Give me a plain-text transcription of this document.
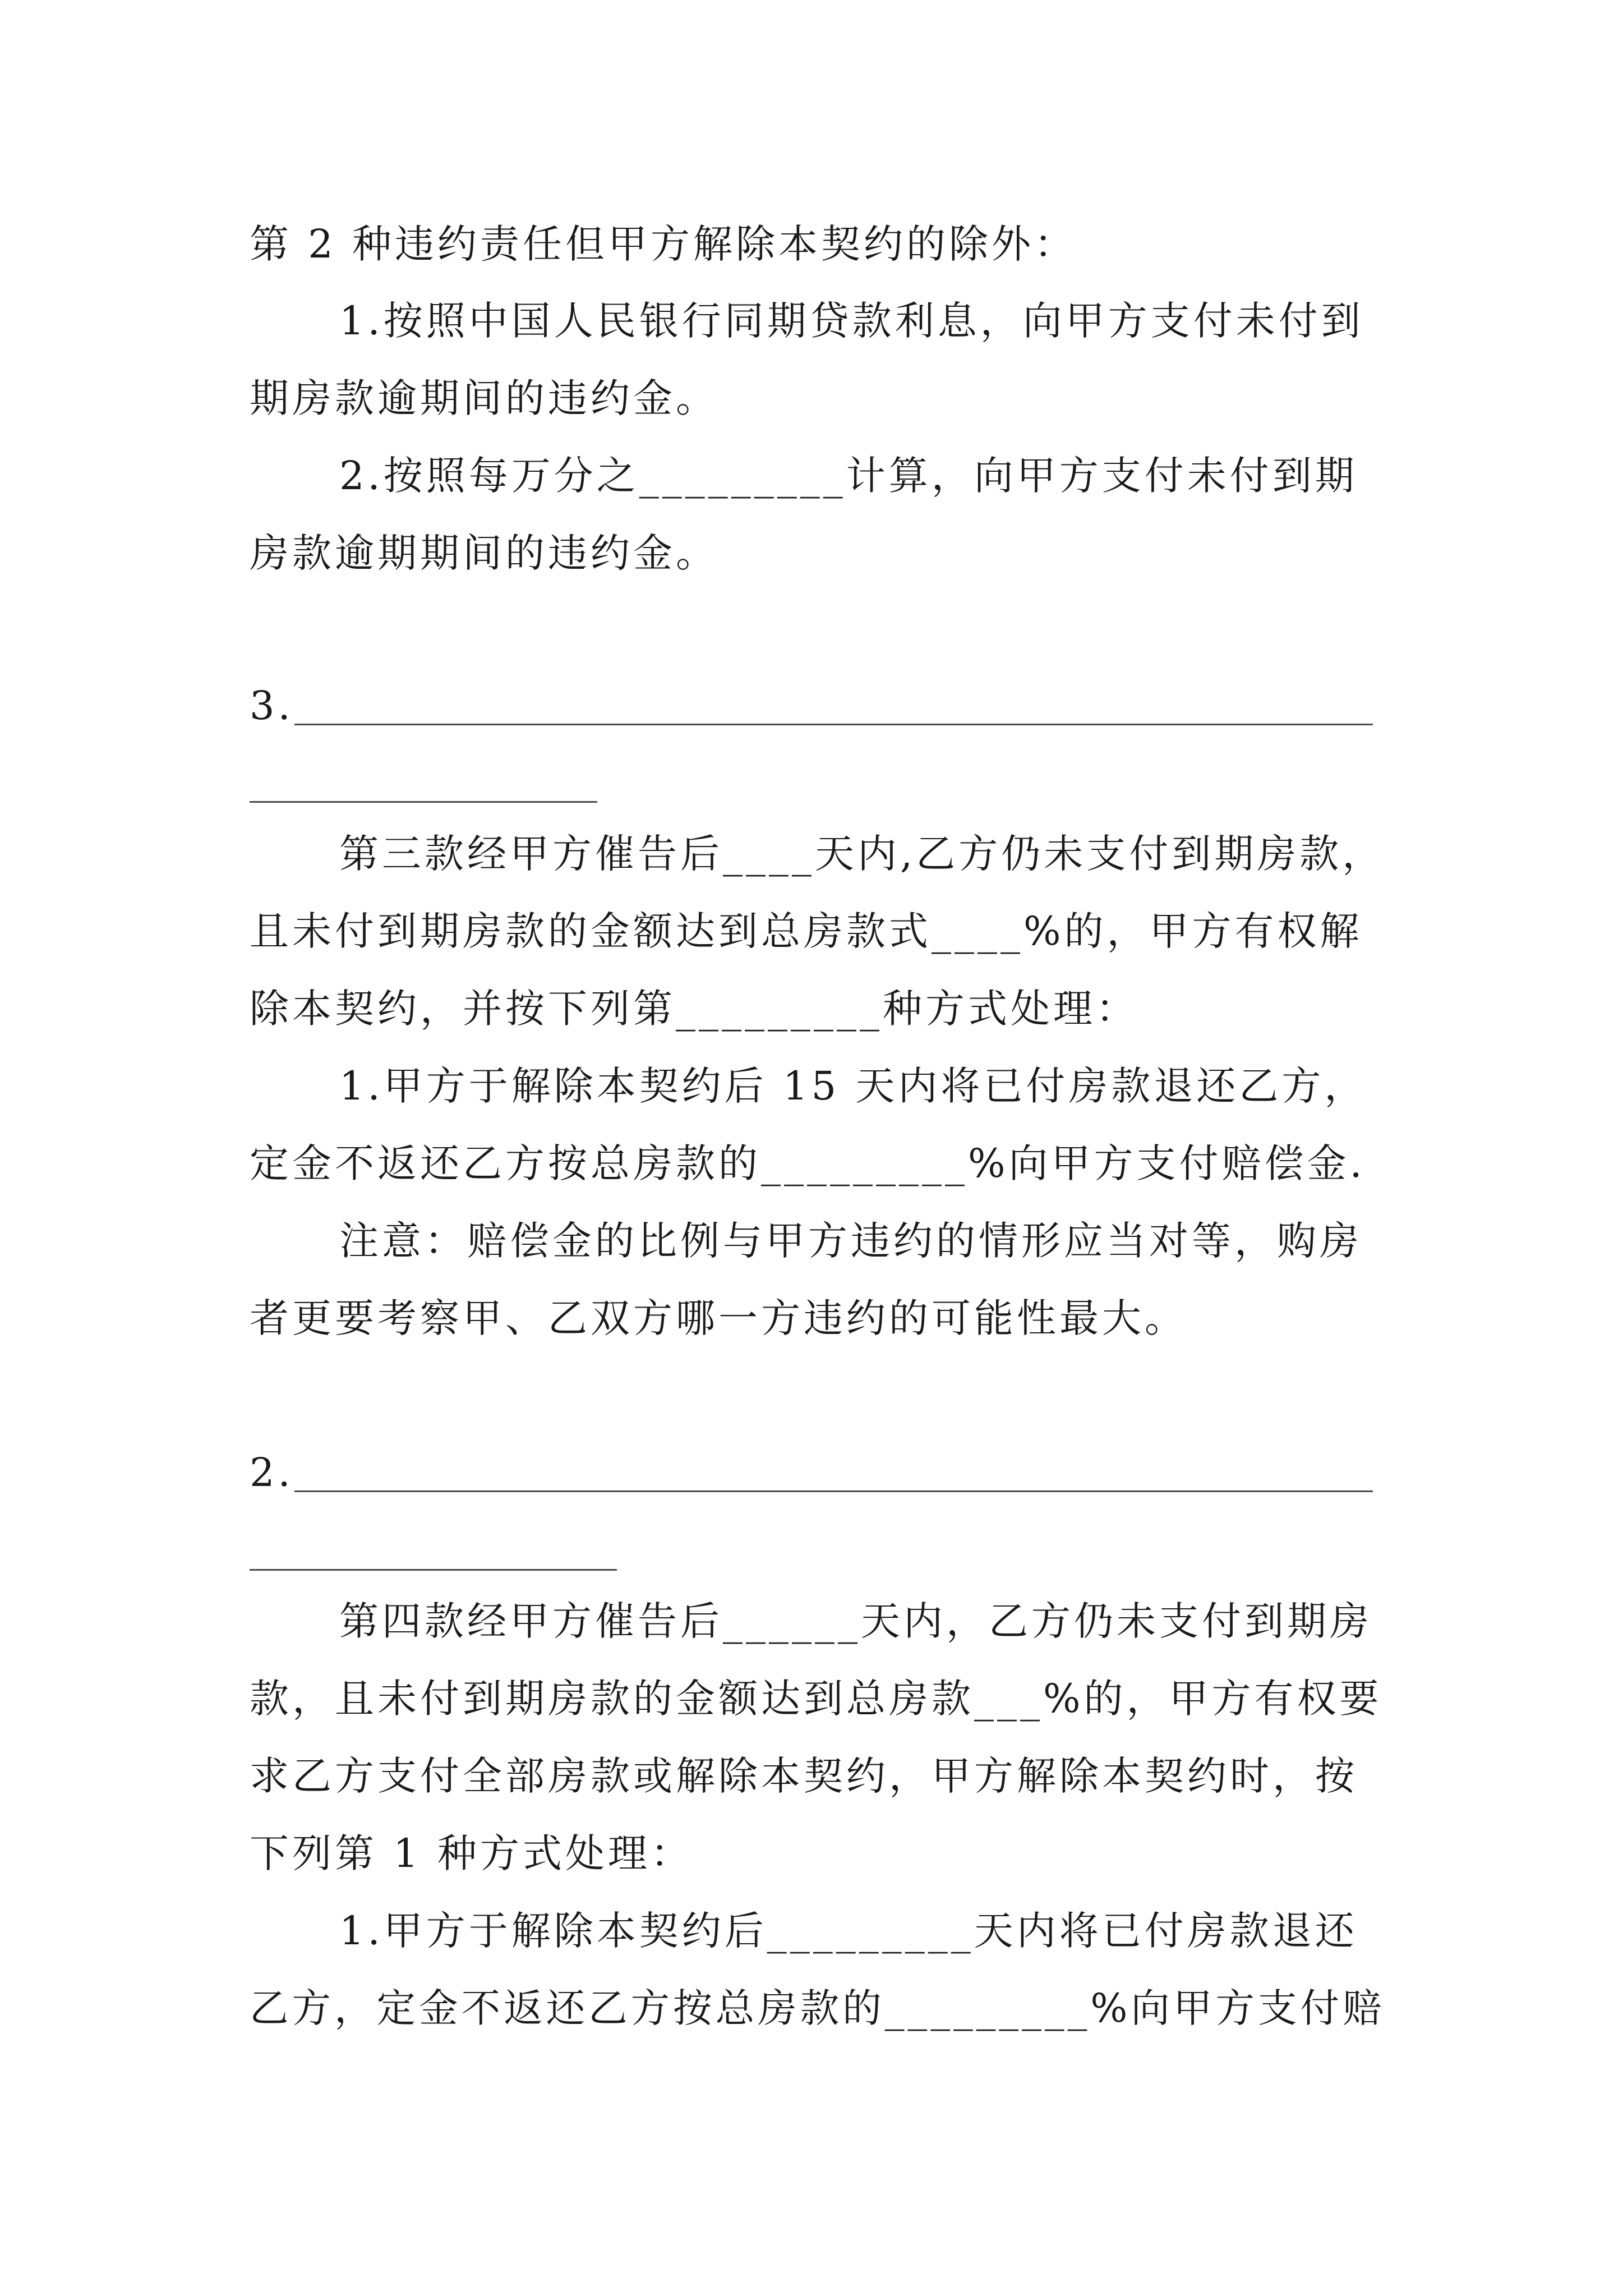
第 2 种违约责任但甲方解除本契约的除外：
1.按照中国人民银行同期贷款利息，向甲方支付未付到
期房款逾期间的违约金。
2.按照每万分之_________计算，向甲方支付未付到期
房款逾期期间的违约金。
3.
第三款经甲方催告后____天内,乙方仍未支付到期房款，
且未付到期房款的金额达到总房款式____%的，甲方有权解
除本契约，并按下列第_________种方式处理：
1.甲方于解除本契约后 15 天内将已付房款退还乙方，
定金不返还乙方按总房款的_________%向甲方支付赔偿金.
注意：赔偿金的比例与甲方违约的情形应当对等，购房
者更要考察甲、乙双方哪一方违约的可能性最大。
2.
第四款经甲方催告后______天内，乙方仍未支付到期房
款，且未付到期房款的金额达到总房款___%的，甲方有权要
求乙方支付全部房款或解除本契约，甲方解除本契约时，按
下列第 1 种方式处理：
1.甲方于解除本契约后_________天内将已付房款退还
乙方，定金不返还乙方按总房款的_________%向甲方支付赔
